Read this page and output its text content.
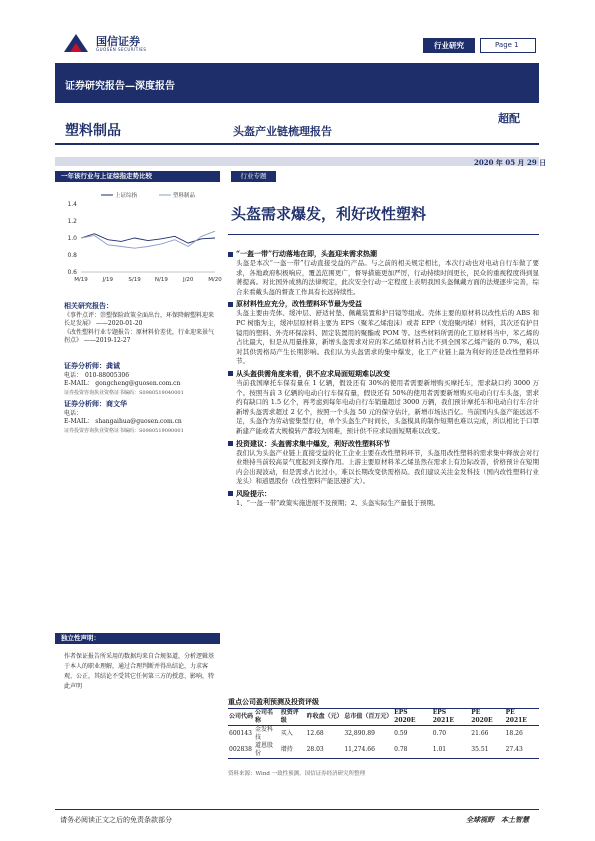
国信证券
GUOSEN SECURITIES	行业研究	Page 1
证券研究报告—深度报告
塑料制品	头盔产业链梳理报告
超配
2020 年 05 月 29 日
一年该行业与上证综指走势比较
1.4
1.2
1.0
0.8
0.6
M/19	J/19	S/19	N/19	J/20	M/20
上证综指	塑料制品
相关研究报告：
《事件点评：崇塑保险政策全面出台，环保降解塑料迎来长足发展》 ——2020-01-20
《改性塑料行业专题报告：原材料价差优，行业迎来景气拐点》 ——2019-12-27
证券分析师：龚诚
电话：　010-88005306
E-MAIL： gongcheng@guosen.com.cn
证券投资咨询执业资格证书编码：S0980519040001
证券分析师：商文华
电话：
E-MAIL： shangaihua@guosen.com.cn
证券投资咨询执业资格证书编码：S0980519090001
独立性声明：
作者保证报告所采用的数据均来自合规渠道，分析逻辑基于本人的职业理解，通过合理判断并得出结论，力求客观、公正，其结论不受其它任何第三方的授意、影响，特此声明
行业专题
头盔需求爆发，利好改性塑料
“一盔一带”行动落地在即，头盔迎来需求热潮
头盔是本次“一盔一带”行动直接受益的产品。与之前的相关规定相比，本次行动也对电动自行车做了要求，各地政府积极响应，覆盖范围更广，督导措施更加严厉，行动持续时间更长，民众的重视程度得到显著提高。对比国外成熟的法律规定，此次安全行动一定程度上表明我国头盔佩戴方面的法规逐步完善，综合来看戴头盔的督查工作具有长远持续性。
原材料性应充分，改性塑料环节最为受益
头盔主要由壳体、缓冲层、舒适衬垫、佩戴装置和护目镜等组成。壳体主要的原材料以改性后的 ABS 和 PC 树脂为主，缓冲层原材料主要为 EPS（聚苯乙烯泡沫）或者 EPP（发泡聚丙烯）材料，其次还有护目镜用的塑料、外壳环保涂料、固定装置用的聚酯或 POM 等。这些材料所需的化工原材料当中，苯乙烯的占比最大，但是从用量推算，新增头盔需求对应的苯乙烯原材料占比不到全国苯乙烯产能的 0.7%，难以对其供需格局产生长期影响。我们认为头盔需求的集中爆发，化工产业链上最为利好的还是改性塑料环节。
从头盔供需角度来看，供不应求局面短期难以改变
当前我国摩托车保有量在 1 亿辆，假设还有 30%的使用者需要新增购买摩托车，需求缺口约 3000 万个。按照当前 3 亿辆的电动自行车保有量，假设还有 50%的使用者需要新增购买电动自行车头盔，需求约有缺口的 1.5 亿个，再考虑到每年电动自行车销量超过 3000 万辆，我们预计摩托车和电动自行车合计新增头盔需求超过 2 亿个，按照一个头盔 50 元的保守估计，新增市场达百亿。当前国内头盔产能远远不足，头盔作为劳动密集型行业，单个头盔生产时间长，头盔模具的制作短期也难以完成，所以相比于口罩新建产能或者大规模转产都较为困难，预计供不应求局面短期难以改变。
投资建议：头盔需求集中爆发，利好改性塑料环节
我们认为头盔产业链上直接受益的化工企业主要在改性塑料环节，头盔用改性塑料的需求集中释放会对行业维持当前较高景气度起到支撑作用。上游主要原材料苯乙烯虽然在需求上有边际改善，价格预计在短期内会出现波动，但是需求占比过小，难以长期改变供需格局。我们建议关注金发科技（国内改性塑料行业龙头）和道恩股份（改性塑料产能迅速扩大）。
风险提示：
1、“一盔一带”政策实施进展不及预期；2、头盔实际生产量低于预期。
重点公司盈利预测及投资评级
公司代码	公司名称	投资评级	昨收盘（元）	总市值（百万元）	EPS 2020E	EPS 2021E	PE 2020E	PE 2021E
600143	金发科技	买入	12.68	32,890.89	0.59	0.70	21.66	18.26
002838	道恩股份	增持	28.03	11,274.66	0.78	1.01	35.51	27.43
资料来源：Wind 一致性预测、国信证券经济研究所整理
请务必阅读正文之后的免责条款部分	全球视野　本土智慧
